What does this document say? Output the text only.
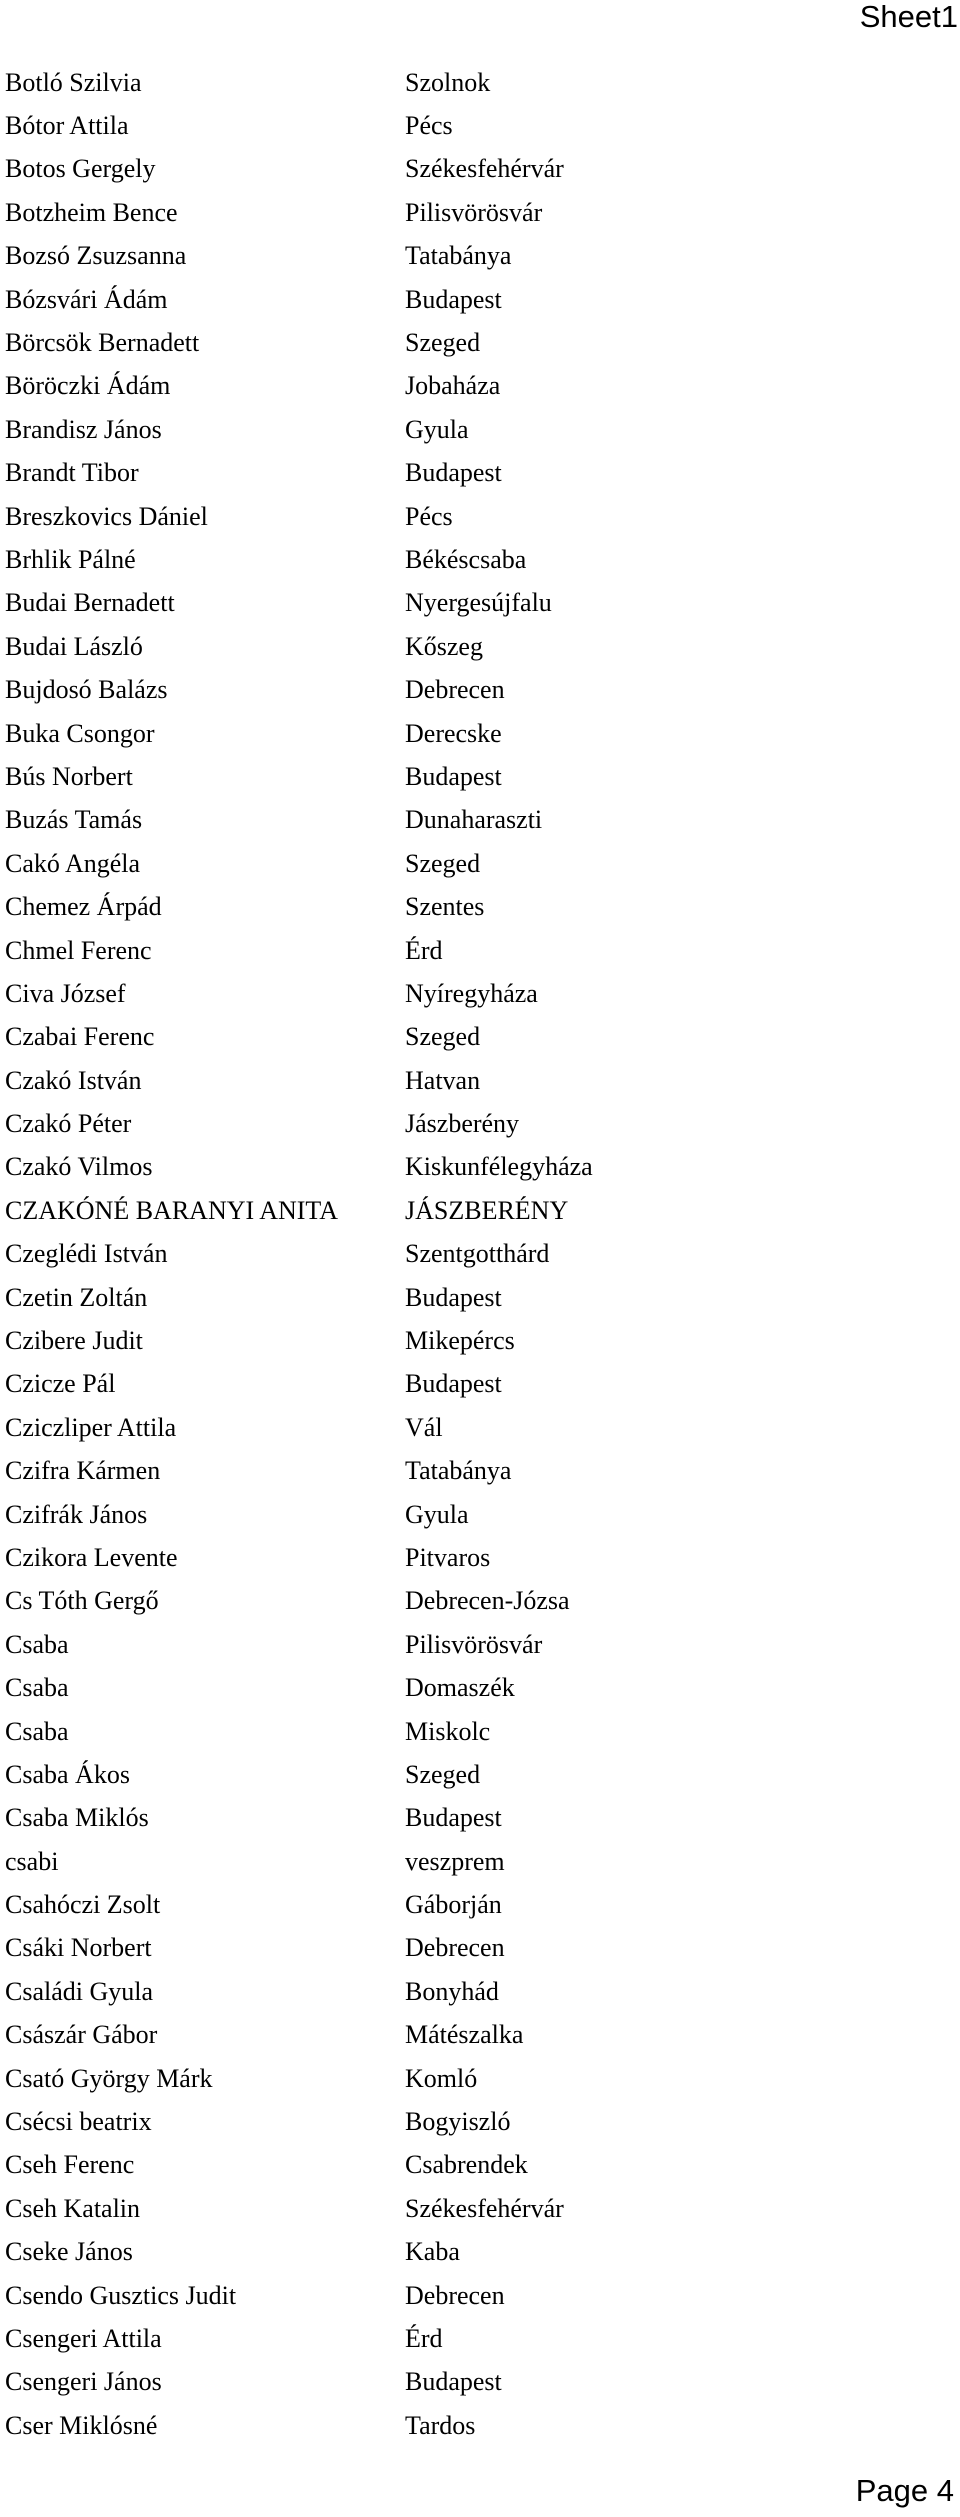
Sheet1
Botló Szilvia	Szolnok
Bótor Attila	Pécs
Botos Gergely	Székesfehérvár
Botzheim Bence	Pilisvörösvár
Bozsó Zsuzsanna	Tatabánya
Bózsvári Ádám	Budapest
Börcsök Bernadett	Szeged
Böröczki Ádám	Jobaháza
Brandisz János	Gyula
Brandt Tibor	Budapest
Breszkovics Dániel	Pécs
Brhlik Pálné	Békéscsaba
Budai Bernadett	Nyergesújfalu
Budai László	Kőszeg
Bujdosó Balázs	Debrecen
Buka Csongor	Derecske
Bús Norbert	Budapest
Buzás Tamás	Dunaharaszti
Cakó Angéla	Szeged
Chemez Árpád	Szentes
Chmel Ferenc	Érd
Civa József	Nyíregyháza
Czabai Ferenc	Szeged
Czakó István	Hatvan
Czakó Péter	Jászberény
Czakó Vilmos	Kiskunfélegyháza
CZAKÓNÉ BARANYI ANITA	JÁSZBERÉNY
Czeglédi István	Szentgotthárd
Czetin Zoltán	Budapest
Czibere Judit	Mikepércs
Czicze Pál	Budapest
Cziczliper Attila	Vál
Czifra Kármen	Tatabánya
Czifrák János	Gyula
Czikora Levente	Pitvaros
Cs Tóth Gergő	Debrecen-Józsa
Csaba	Pilisvörösvár
Csaba	Domaszék
Csaba	Miskolc
Csaba Ákos	Szeged
Csaba Miklós	Budapest
csabi	veszprem
Csahóczi Zsolt	Gáborján
Csáki Norbert	Debrecen
Családi Gyula	Bonyhád
Császár Gábor	Mátészalka
Csató György Márk	Komló
Csécsi beatrix	Bogyiszló
Cseh Ferenc	Csabrendek
Cseh Katalin	Székesfehérvár
Cseke János	Kaba
Csendo Gusztics Judit	Debrecen
Csengeri Attila	Érd
Csengeri János	Budapest
Cser Miklósné	Tardos
Page 4
